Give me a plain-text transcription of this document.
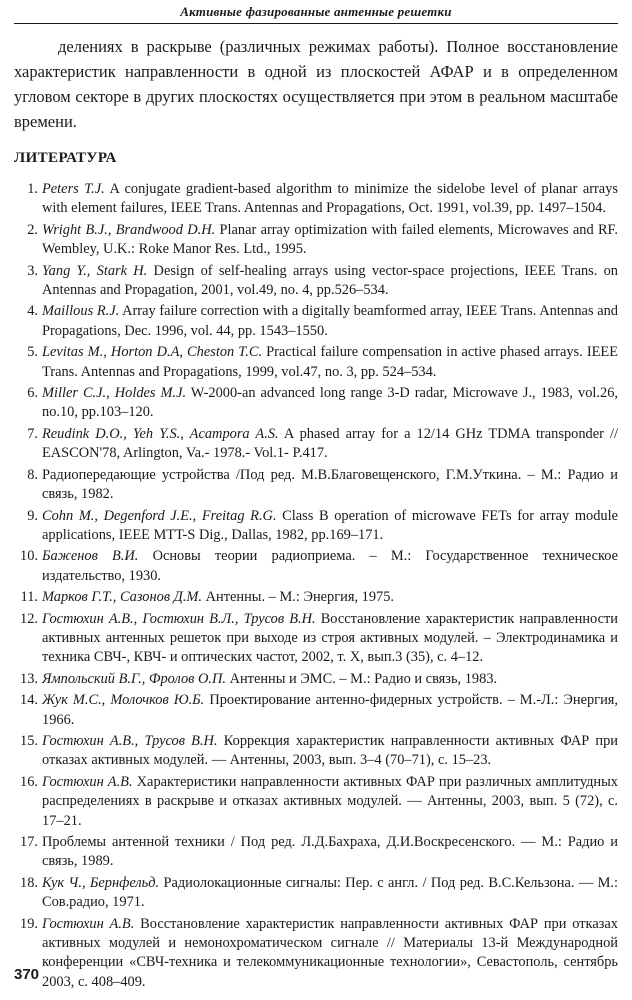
Активные фазированные антенные решетки

делениях в раскрыве (различных режимах работы). Полное восстановление характеристик направленности в одной из плоскостей АФАР и в определенном угловом секторе в других плоскостях осуществляется при этом в реальном масштабе времени.

ЛИТЕРАТУРА
1. Peters T.J. A conjugate gradient-based algorithm to minimize the sidelobe level of planar arrays with element failures, IEEE Trans. Antennas and Propagations, Oct. 1991, vol.39, pp. 1497–1504.
2. Wright B.J., Brandwood D.H. Planar array optimization with failed elements, Microwaves and RF. Wembley, U.K.: Roke Manor Res. Ltd., 1995.
3. Yang Y., Stark H. Design of self-healing arrays using vector-space projections, IEEE Trans. on Antennas and Propagation, 2001, vol.49, no. 4, pp.526–534.
4. Maillous R.J. Array failure correction with a digitally beamformed array, IEEE Trans. Antennas and Propagations, Dec. 1996, vol. 44, pp. 1543–1550.
5. Levitas M., Horton D.A, Cheston T.C. Practical failure compensation in active phased arrays. IEEE Trans. Antennas and Propagations, 1999, vol.47, no. 3, pp. 524–534.
6. Miller C.J., Holdes M.J. W-2000-an advanced long range 3-D radar, Microwave J., 1983, vol.26, no.10, pp.103–120.
7. Reudink D.O., Yeh Y.S., Acampora A.S. A phased array for a 12/14 GHz TDMA transponder // EASCON'78, Arlington, Va.- 1978.- Vol.1- P.417.
8. Радиопередающие устройства /Под ред. М.В.Благовещенского, Г.М.Уткина. – М.: Радио и связь, 1982.
9. Cohn M., Degenford J.E., Freitag R.G. Class B operation of microwave FETs for array module applications, IEEE MTT-S Dig., Dallas, 1982, pp.169–171.
10. Баженов В.И. Основы теории радиоприема. – М.: Государственное техническое издательство, 1930.
11. Марков Г.Т., Сазонов Д.М. Антенны. – М.: Энергия, 1975.
12. Гостюхин А.В., Гостюхин В.Л., Трусов В.Н. Восстановление характеристик направленности активных антенных решеток при выходе из строя активных модулей. – Электродинамика и техника СВЧ-, КВЧ- и оптических частот, 2002, т. X, вып.3 (35), с. 4–12.
13. Ямпольский В.Г., Фролов О.П. Антенны и ЭМС. – М.: Радио и связь, 1983.
14. Жук М.С., Молочков Ю.Б. Проектирование антенно-фидерных устройств. – М.-Л.: Энергия, 1966.
15. Гостюхин А.В., Трусов В.Н. Коррекция характеристик направленности активных ФАР при отказах активных модулей. — Антенны, 2003, вып. 3–4 (70–71), с. 15–23.
16. Гостюхин А.В. Характеристики направленности активных ФАР при различных амплитудных распределениях в раскрыве и отказах активных модулей. — Антенны, 2003, вып. 5 (72), с. 17–21.
17. Проблемы антенной техники / Под ред. Л.Д.Бахраха, Д.И.Воскресенского. — М.: Радио и связь, 1989.
18. Кук Ч., Бернфельд. Радиолокационные сигналы: Пер. с англ. / Под ред. В.С.Кельзона. — М.: Сов.радио, 1971.
19. Гостюхин А.В. Восстановление характеристик направленности активных ФАР при отказах активных модулей и немонохроматическом сигнале // Материалы 13-й Международной конференции «СВЧ-техника и телекоммуникационные технологии», Севастополь, сентябрь 2003, с. 408–409.
370
